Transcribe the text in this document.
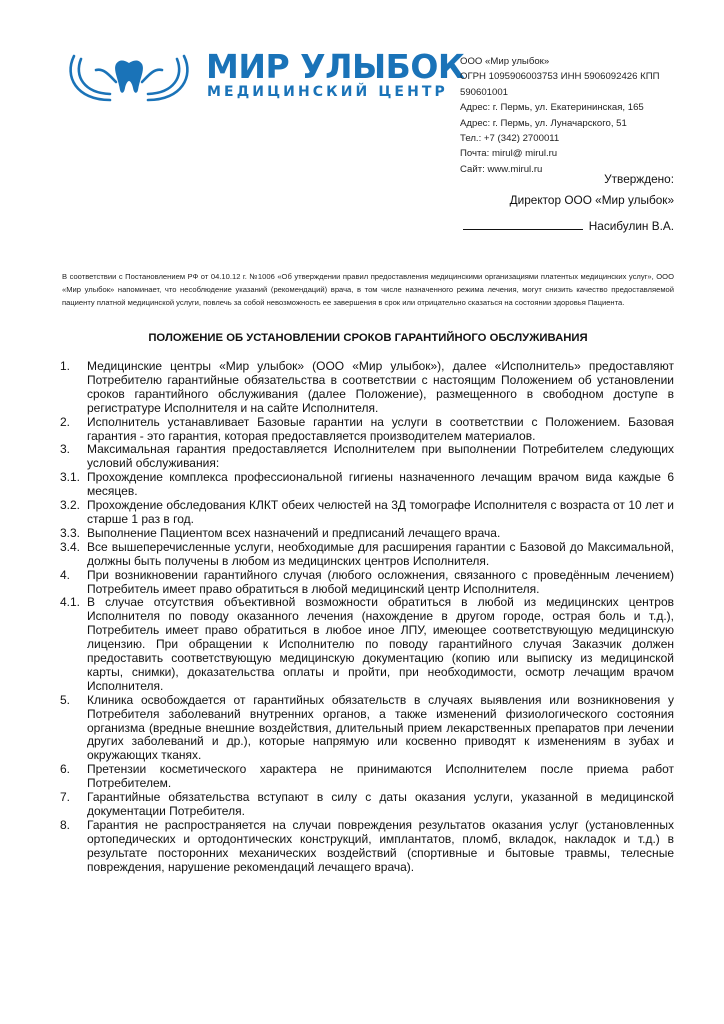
МИР УЛЫБОК
МЕДИЦИНСКИЙ ЦЕНТР
ООО «Мир улыбок»
ОГРН 1095906003753 ИНН 5906092426 КПП
590601001
Адрес: г. Пермь, ул. Екатерининская, 165
Адрес: г. Пермь, ул. Луначарского, 51
Тел.: +7 (342) 2700011
Почта: mirul@ mirul.ru
Сайт: www.mirul.ru
Утверждено:
Директор ООО «Мир улыбок»
Насибулин В.А.
В соответствии с Постановлением РФ от 04.10.12 г. №1006 «Об утверждении правил предоставления медицинскими организациями платентых медицинских услуг», ООО «Мир улыбок» напоминает, что несоблюдение указаний (рекомендаций) врача, в том числе назначенного режима лечения, могут снизить качество предоставляемой пациенту платной медицинской услуги, повлечь за собой невозможность ее завершения в срок или отрицательно сказаться на состоянии здоровья Пациента.
ПОЛОЖЕНИЕ ОБ УСТАНОВЛЕНИИ СРОКОВ ГАРАНТИЙНОГО ОБСЛУЖИВАНИЯ
1. Медицинские центры «Мир улыбок» (ООО «Мир улыбок»), далее «Исполнитель» предоставляют Потребителю гарантийные обязательства в соответствии с настоящим Положением об установлении сроков гарантийного обслуживания (далее Положение), размещенного в свободном доступе в регистратуре Исполнителя и на сайте Исполнителя.
2. Исполнитель устанавливает Базовые гарантии на услуги в соответствии с Положением. Базовая гарантия - это гарантия, которая предоставляется производителем материалов.
3. Максимальная гарантия предоставляется Исполнителем при выполнении Потребителем следующих условий обслуживания:
3.1. Прохождение комплекса профессиональной гигиены назначенного лечащим врачом вида каждые 6 месяцев.
3.2. Прохождение обследования КЛКТ обеих челюстей на 3Д томографе Исполнителя с возраста от 10 лет и старше 1 раз в год.
3.3. Выполнение Пациентом всех назначений и предписаний лечащего врача.
3.4. Все вышеперечисленные услуги, необходимые для расширения гарантии с Базовой до Максимальной, должны быть получены в любом из медицинских центров Исполнителя.
4. При возникновении гарантийного случая (любого осложнения, связанного с проведённым лечением) Потребитель имеет право обратиться в любой медицинский центр Исполнителя.
4.1. В случае отсутствия объективной возможности обратиться в любой из медицинских центров Исполнителя по поводу оказанного лечения (нахождение в другом городе, острая боль и т.д.), Потребитель имеет право обратиться в любое иное ЛПУ, имеющее соответствующую медицинскую лицензию. При обращении к Исполнителю по поводу гарантийного случая Заказчик должен предоставить соответствующую медицинскую документацию (копию или выписку из медицинской карты, снимки), доказательства оплаты и пройти, при необходимости, осмотр лечащим врачом Исполнителя.
5. Клиника освобождается от гарантийных обязательств в случаях выявления или возникновения у Потребителя заболеваний внутренних органов, а также изменений физиологического состояния организма (вредные внешние воздействия, длительный прием лекарственных препаратов при лечении других заболеваний и др.), которые напрямую или косвенно приводят к изменениям в зубах и окружающих тканях.
6. Претензии косметического характера не принимаются Исполнителем после приема работ Потребителем.
7. Гарантийные обязательства вступают в силу с даты оказания услуги, указанной в медицинской документации Потребителя.
8. Гарантия не распространяется на случаи повреждения результатов оказания услуг (установленных ортопедических и ортодонтических конструкций, имплантатов, пломб, вкладок, накладок и т.д.) в результате посторонних механических воздействий (спортивные и бытовые травмы, телесные повреждения, нарушение рекомендаций лечащего врача).
